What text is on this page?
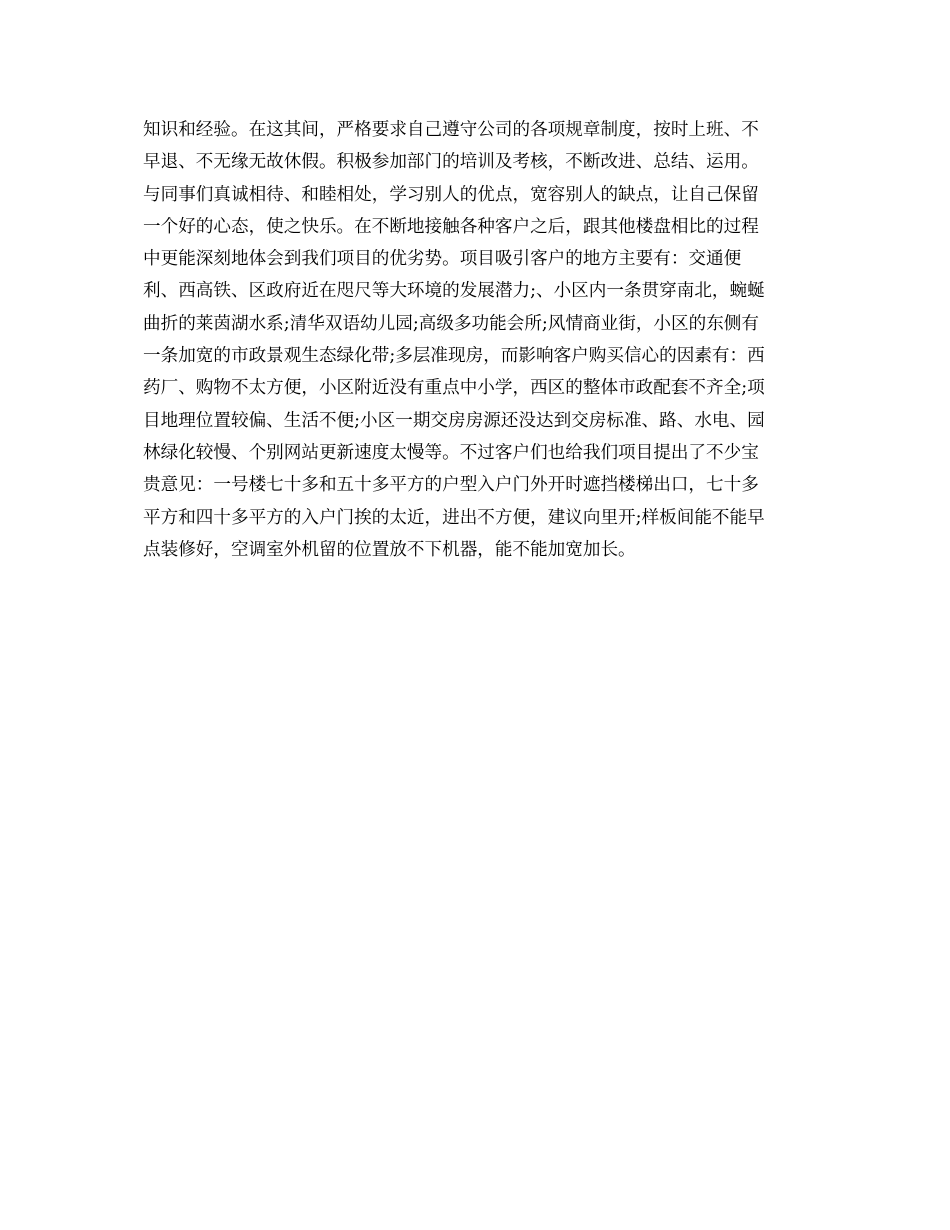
知识和经验。在这其间，严格要求自己遵守公司的各项规章制度，按时上班、不
早退、不无缘无故休假。积极参加部门的培训及考核，不断改进、总结、运用。
与同事们真诚相待、和睦相处，学习别人的优点，宽容别人的缺点，让自己保留
一个好的心态，使之快乐。在不断地接触各种客户之后，跟其他楼盘相比的过程
中更能深刻地体会到我们项目的优劣势。项目吸引客户的地方主要有：交通便
利、西高铁、区政府近在咫尺等大环境的发展潜力;、小区内一条贯穿南北，蜿蜒
曲折的莱茵湖水系;清华双语幼儿园;高级多功能会所;风情商业街，小区的东侧有
一条加宽的市政景观生态绿化带;多层准现房，而影响客户购买信心的因素有：西
药厂、购物不太方便，小区附近没有重点中小学，西区的整体市政配套不齐全;项
目地理位置较偏、生活不便;小区一期交房房源还没达到交房标准、路、水电、园
林绿化较慢、个别网站更新速度太慢等。不过客户们也给我们项目提出了不少宝
贵意见：一号楼七十多和五十多平方的户型入户门外开时遮挡楼梯出口，七十多
平方和四十多平方的入户门挨的太近，进出不方便，建议向里开;样板间能不能早
点装修好，空调室外机留的位置放不下机器，能不能加宽加长。
